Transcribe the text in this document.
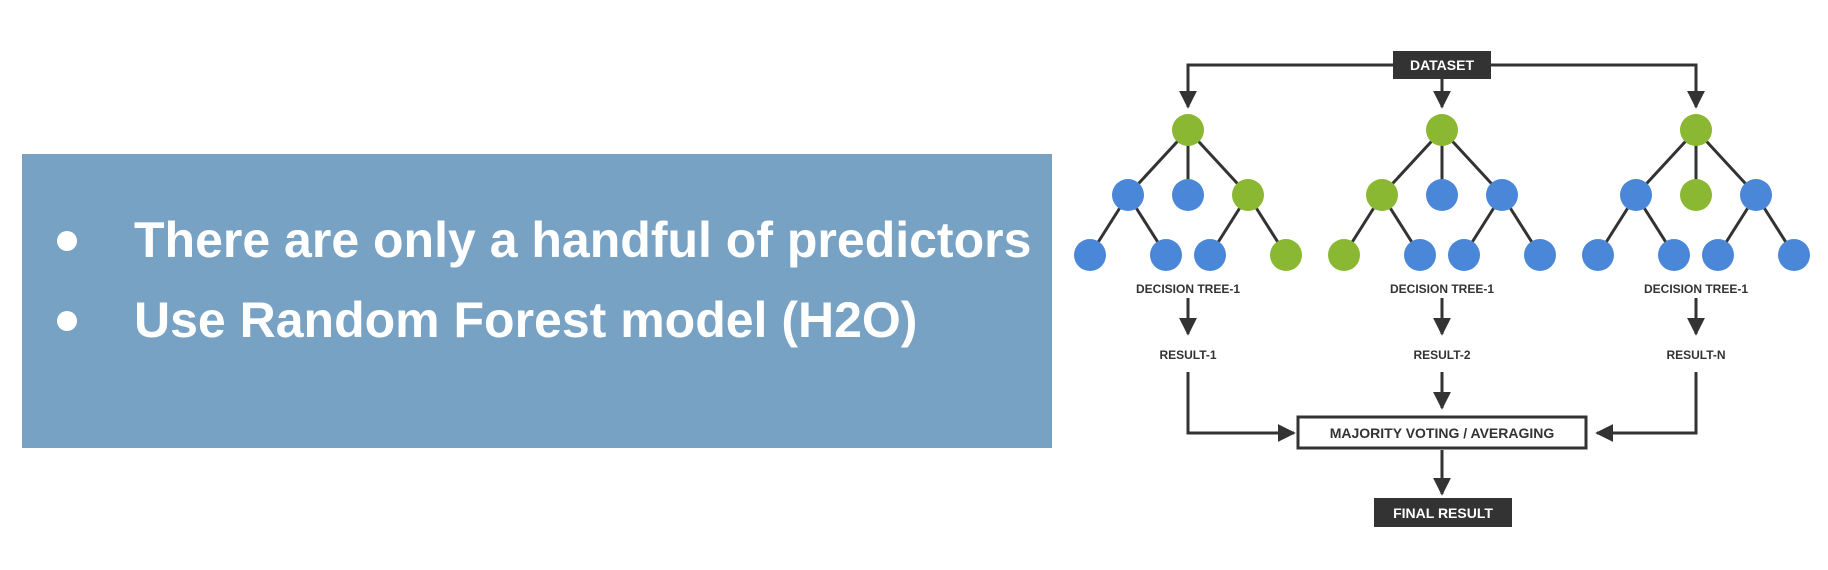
There are only a handful of predictors
Use Random Forest model (H2O)
DATASET
DECISION TREE-1
RESULT-1
DECISION TREE-1
RESULT-2
DECISION TREE-1
RESULT-N
MAJORITY VOTING / AVERAGING
FINAL RESULT
